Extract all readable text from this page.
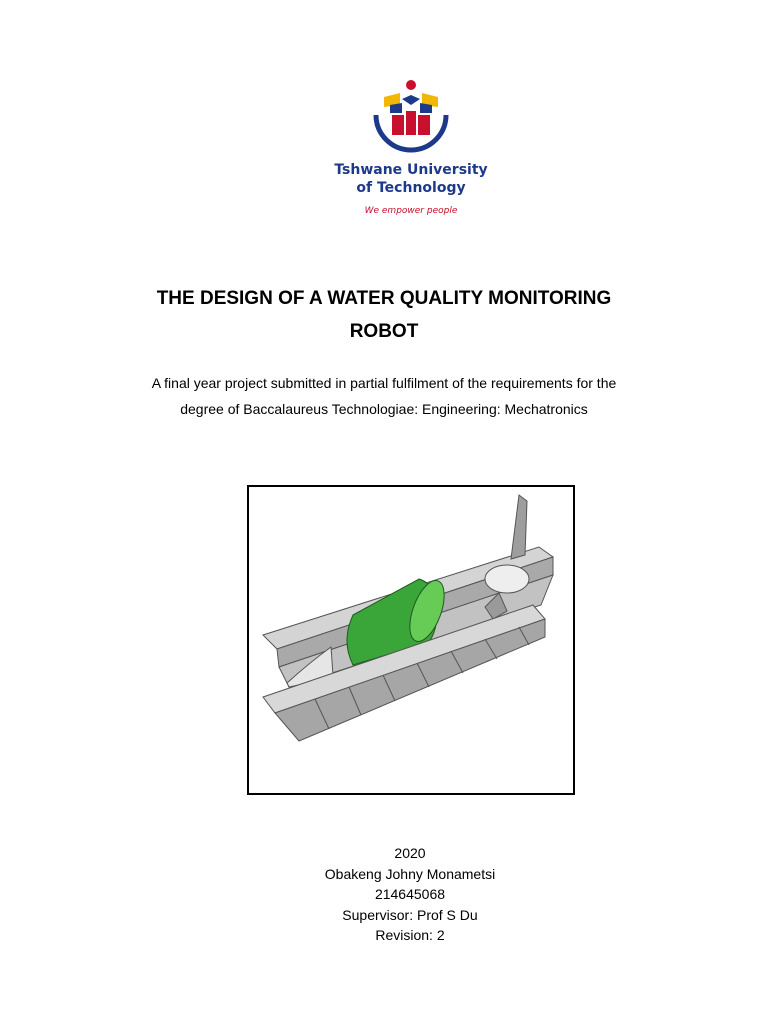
Tshwane University
of Technology
We empower people
THE DESIGN OF A WATER QUALITY MONITORING
ROBOT
A final year project submitted in partial fulfilment of the requirements for the
degree of Baccalaureus Technologiae: Engineering: Mechatronics
2020
Obakeng Johny Monametsi
214645068
Supervisor: Prof S Du
Revision: 2
